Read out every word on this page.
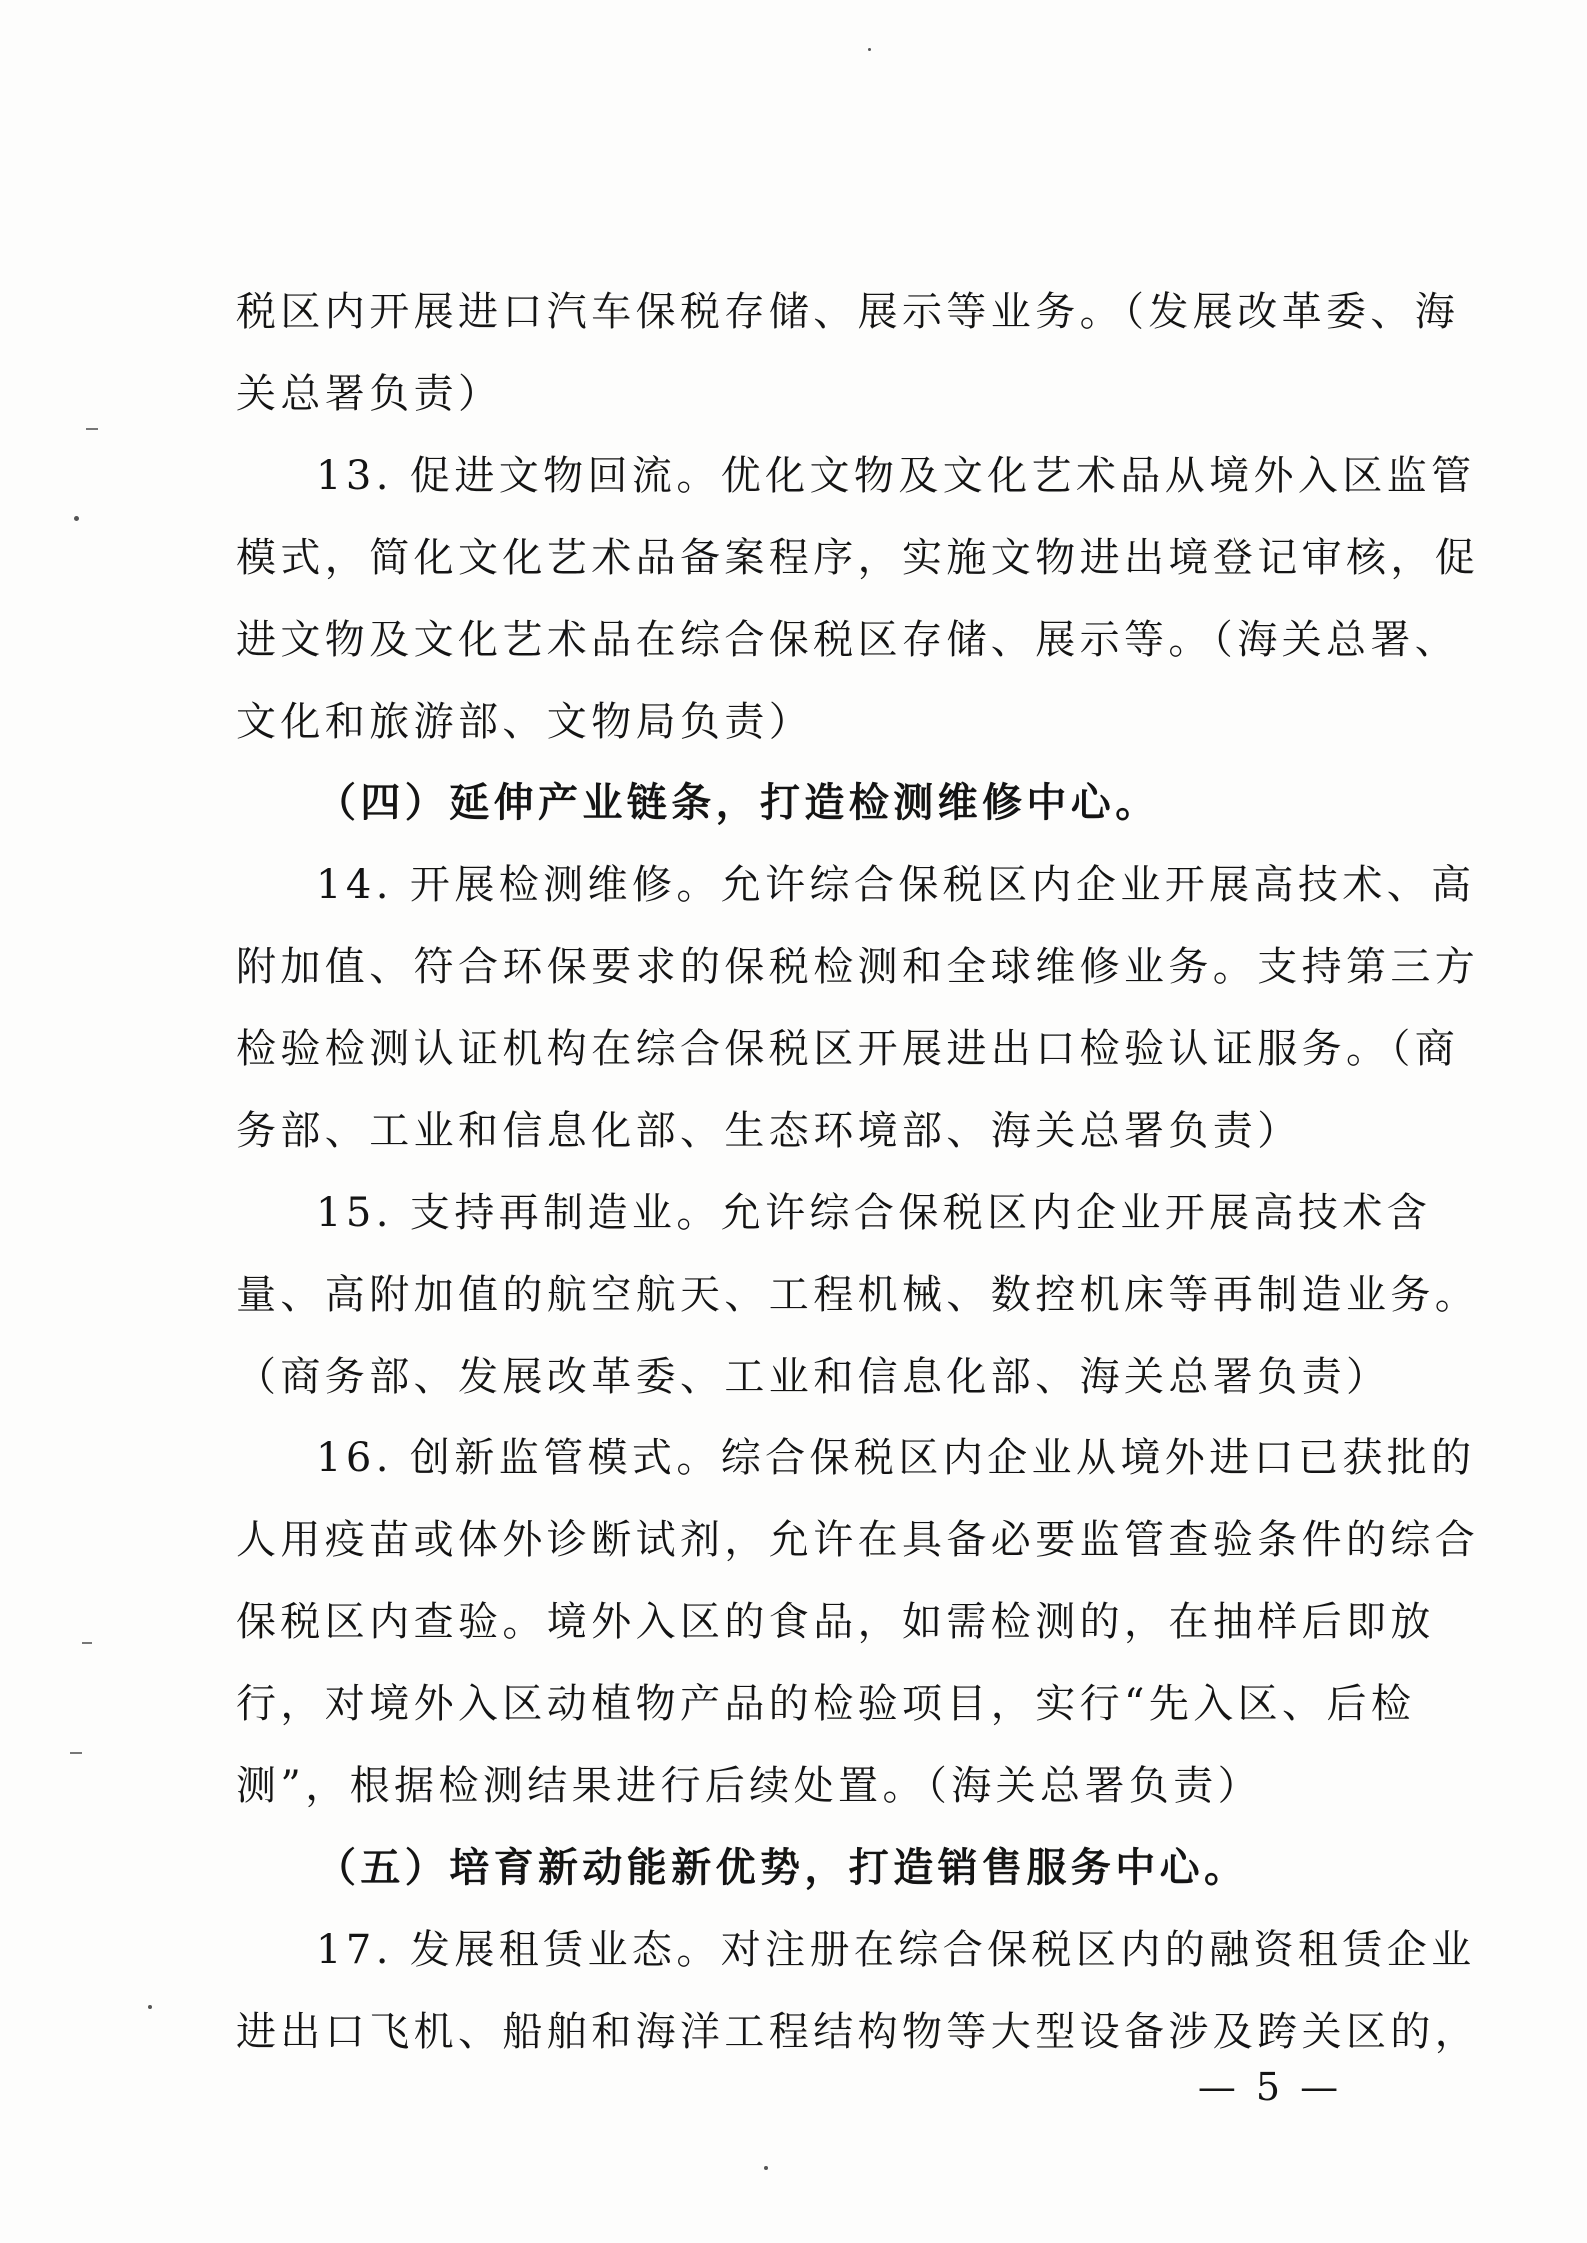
税区内开展进口汽车保税存储、展示等业务。（发展改革委、海
关总署负责）
13. 促进文物回流。优化文物及文化艺术品从境外入区监管
模式，简化文化艺术品备案程序，实施文物进出境登记审核，促
进文物及文化艺术品在综合保税区存储、展示等。（海关总署、
文化和旅游部、文物局负责）
（四）延伸产业链条，打造检测维修中心。
14. 开展检测维修。允许综合保税区内企业开展高技术、高
附加值、符合环保要求的保税检测和全球维修业务。支持第三方
检验检测认证机构在综合保税区开展进出口检验认证服务。（商
务部、工业和信息化部、生态环境部、海关总署负责）
15. 支持再制造业。允许综合保税区内企业开展高技术含
量、高附加值的航空航天、工程机械、数控机床等再制造业务。
（商务部、发展改革委、工业和信息化部、海关总署负责）
16. 创新监管模式。综合保税区内企业从境外进口已获批的
人用疫苗或体外诊断试剂，允许在具备必要监管查验条件的综合
保税区内查验。境外入区的食品，如需检测的，在抽样后即放
行，对境外入区动植物产品的检验项目，实行“先入区、后检
测”，根据检测结果进行后续处置。（海关总署负责）
（五）培育新动能新优势，打造销售服务中心。
17. 发展租赁业态。对注册在综合保税区内的融资租赁企业
进出口飞机、船舶和海洋工程结构物等大型设备涉及跨关区的，
— 5 —
